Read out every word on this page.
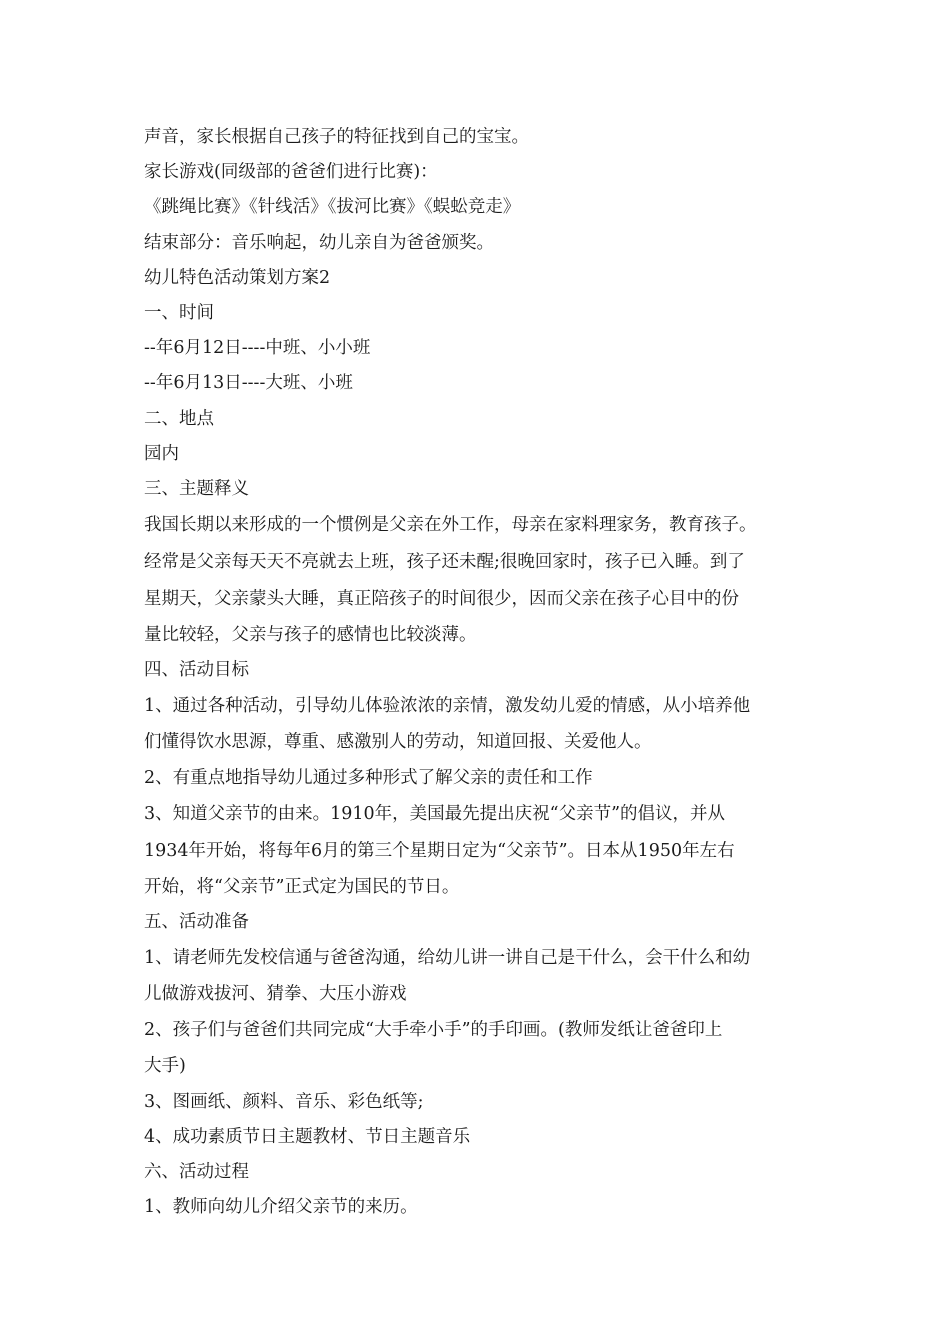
声音，家长根据自己孩子的特征找到自己的宝宝。
家长游戏(同级部的爸爸们进行比赛)：
《跳绳比赛》《针线活》《拔河比赛》《蜈蚣竞走》
结束部分：音乐响起，幼儿亲自为爸爸颁奖。
幼儿特色活动策划方案2
一、时间
--年6月12日----中班、小小班
--年6月13日----大班、小班
二、地点
园内
三、主题释义
我国长期以来形成的一个惯例是父亲在外工作，母亲在家料理家务，教育孩子。
经常是父亲每天天不亮就去上班，孩子还未醒;很晚回家时，孩子已入睡。到了
星期天，父亲蒙头大睡，真正陪孩子的时间很少，因而父亲在孩子心目中的份
量比较轻，父亲与孩子的感情也比较淡薄。
四、活动目标
1、通过各种活动，引导幼儿体验浓浓的亲情，激发幼儿爱的情感，从小培养他
们懂得饮水思源，尊重、感激别人的劳动，知道回报、关爱他人。
2、有重点地指导幼儿通过多种形式了解父亲的责任和工作
3、知道父亲节的由来。1910年，美国最先提出庆祝“父亲节”的倡议，并从
1934年开始，将每年6月的第三个星期日定为“父亲节”。日本从1950年左右
开始，将“父亲节”正式定为国民的节日。
五、活动准备
1、请老师先发校信通与爸爸沟通，给幼儿讲一讲自己是干什么，会干什么和幼
儿做游戏拔河、猜拳、大压小游戏
2、孩子们与爸爸们共同完成“大手牵小手”的手印画。(教师发纸让爸爸印上
大手)
3、图画纸、颜料、音乐、彩色纸等;
4、成功素质节日主题教材、节日主题音乐
六、活动过程
1、教师向幼儿介绍父亲节的来历。
